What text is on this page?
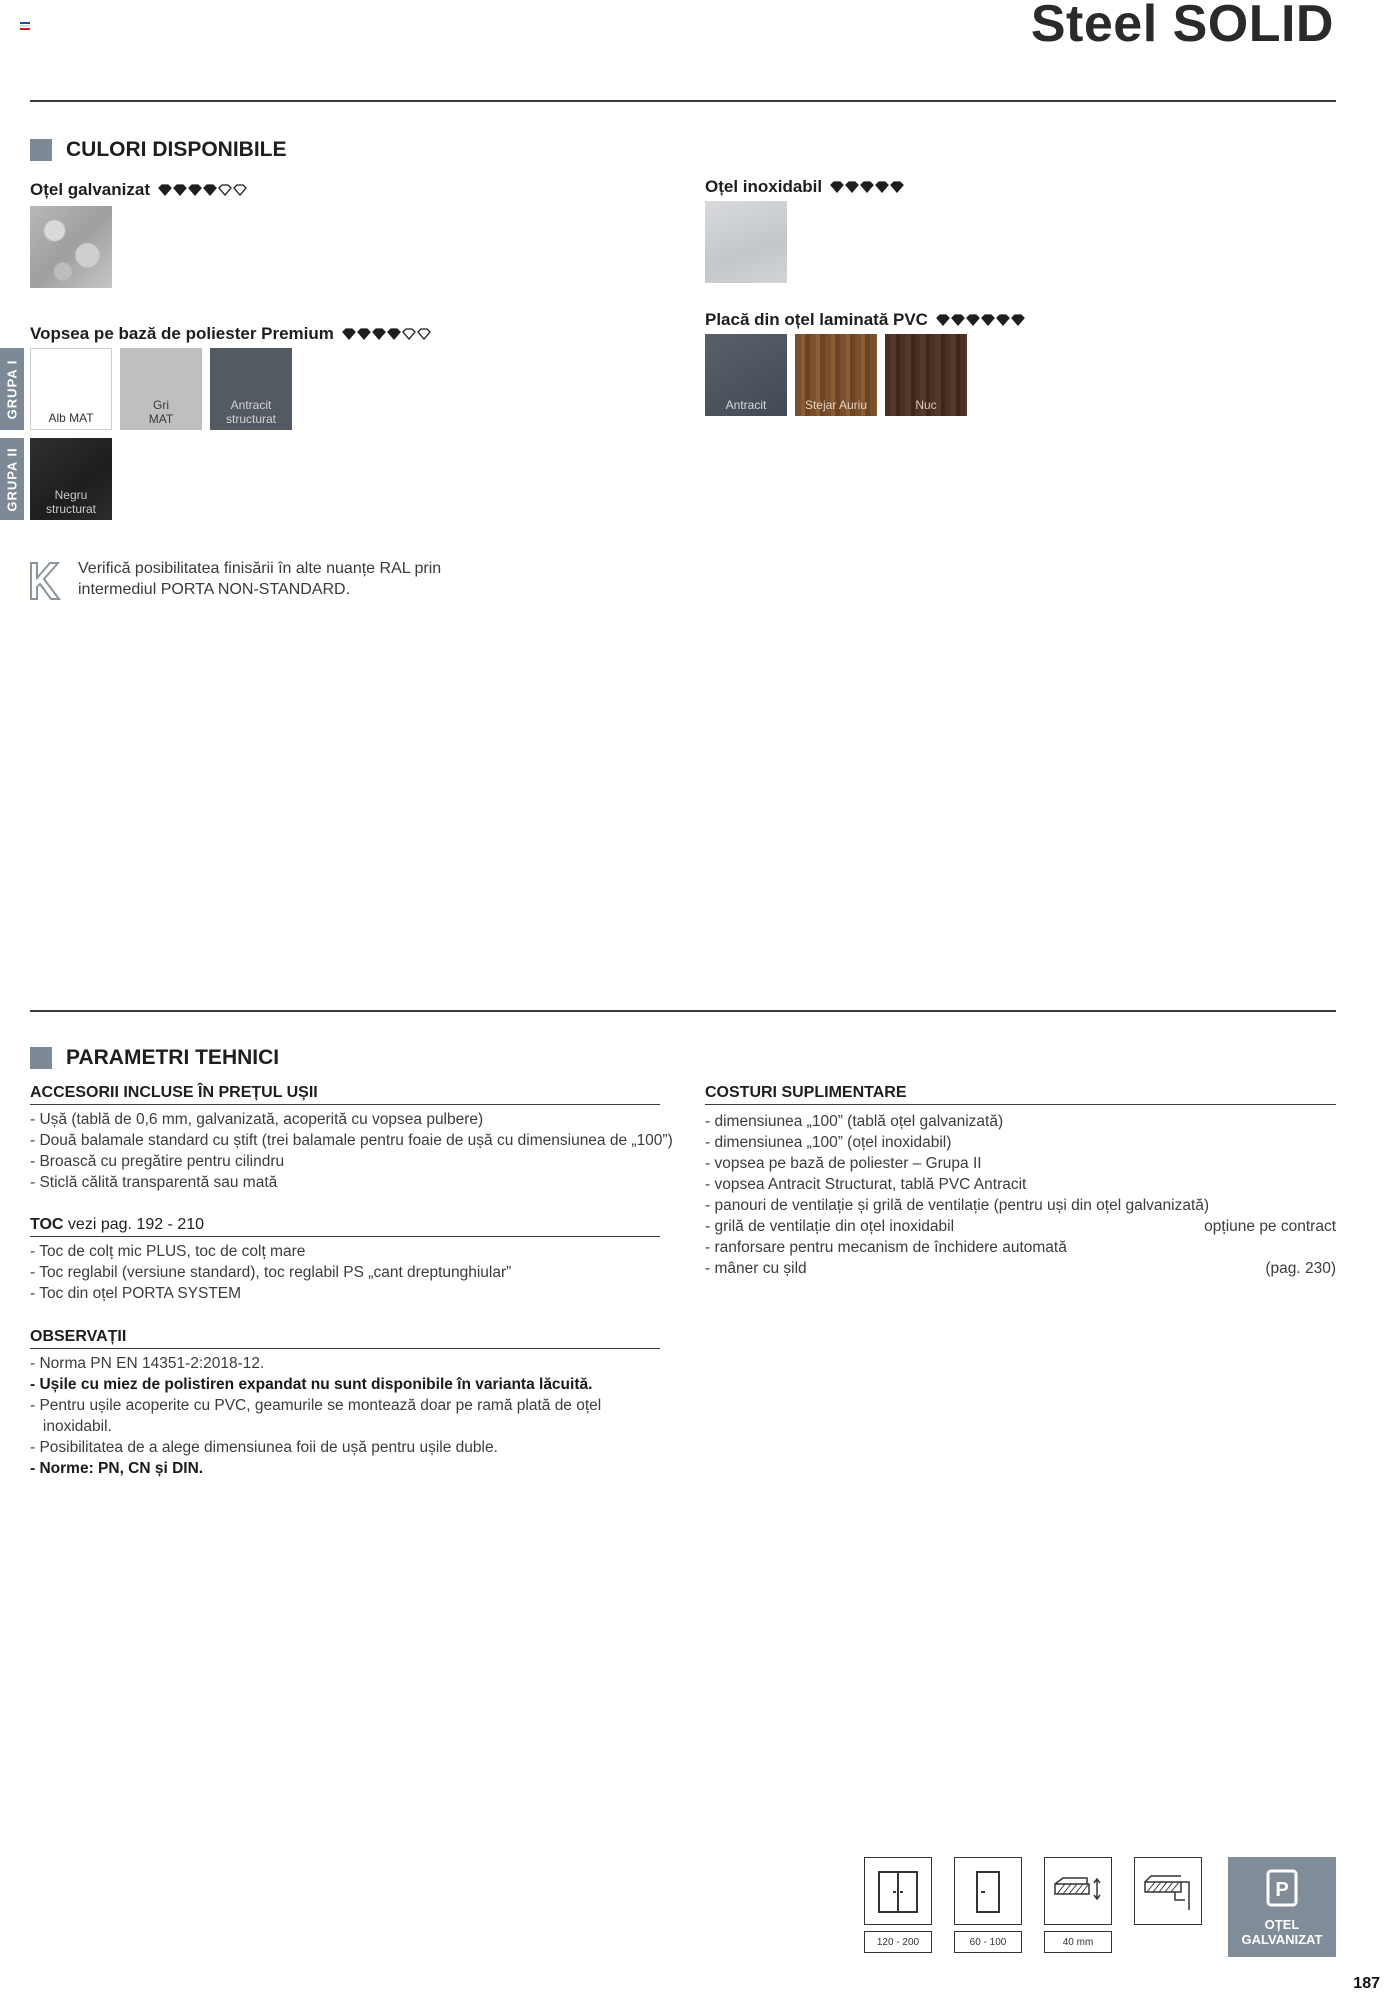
Steel SOLID
CULORI DISPONIBILE
Oțel galvanizat	Oțel inoxidabil
Vopsea pe bază de poliester Premium
GRUPA I Alb MAT
Gri
MAT
Antracit
structurat
GRUPA II	Negru
structurat
Placă din oțel laminată PVC
Antracit	Stejar Auriu	Nuc
Verifică posibilitatea finisării în alte nuanțe RAL prin
intermediul PORTA NON-STANDARD.
PARAMETRI TEHNICI
ACCESORII INCLUSE ÎN PREȚUL UȘII
- Ușă (tablă de 0,6 mm, galvanizată, acoperită cu vopsea pulbere)
- Două balamale standard cu știft (trei balamale pentru foaie de ușă cu dimensiunea de „100”)
- Broască cu pregătire pentru cilindru
- Sticlă călită transparentă sau mată
TOC vezi pag. 192 - 210
- Toc de colț mic PLUS, toc de colț mare
- Toc reglabil (versiune standard), toc reglabil PS „cant dreptunghiular”
- Toc din oțel PORTA SYSTEM
OBSERVAȚII
- Norma PN EN 14351-2:2018-12.
- Ușile cu miez de polistiren expandat nu sunt disponibile în varianta lăcuită.
- Pentru ușile acoperite cu PVC, geamurile se montează doar pe ramă plată de oțel
inoxidabil.
- Posibilitatea de a alege dimensiunea foii de ușă pentru ușile duble.
- Norme: PN, CN și DIN.
COSTURI SUPLIMENTARE
- dimensiunea „100” (tablă oțel galvanizată)
- dimensiunea „100” (oțel inoxidabil)
- vopsea pe bază de poliester – Grupa II
- vopsea Antracit Structurat, tablă PVC Antracit
- panouri de ventilație și grilă de ventilație (pentru uși din oțel galvanizată)
- grilă de ventilație din oțel inoxidabil	opțiune pe contract
- ranforsare pentru mecanism de închidere automată
- mâner cu șild	(pag. 230)
120 - 200	60 - 100	40 mm
P
OȚEL
GALVANIZAT
187
